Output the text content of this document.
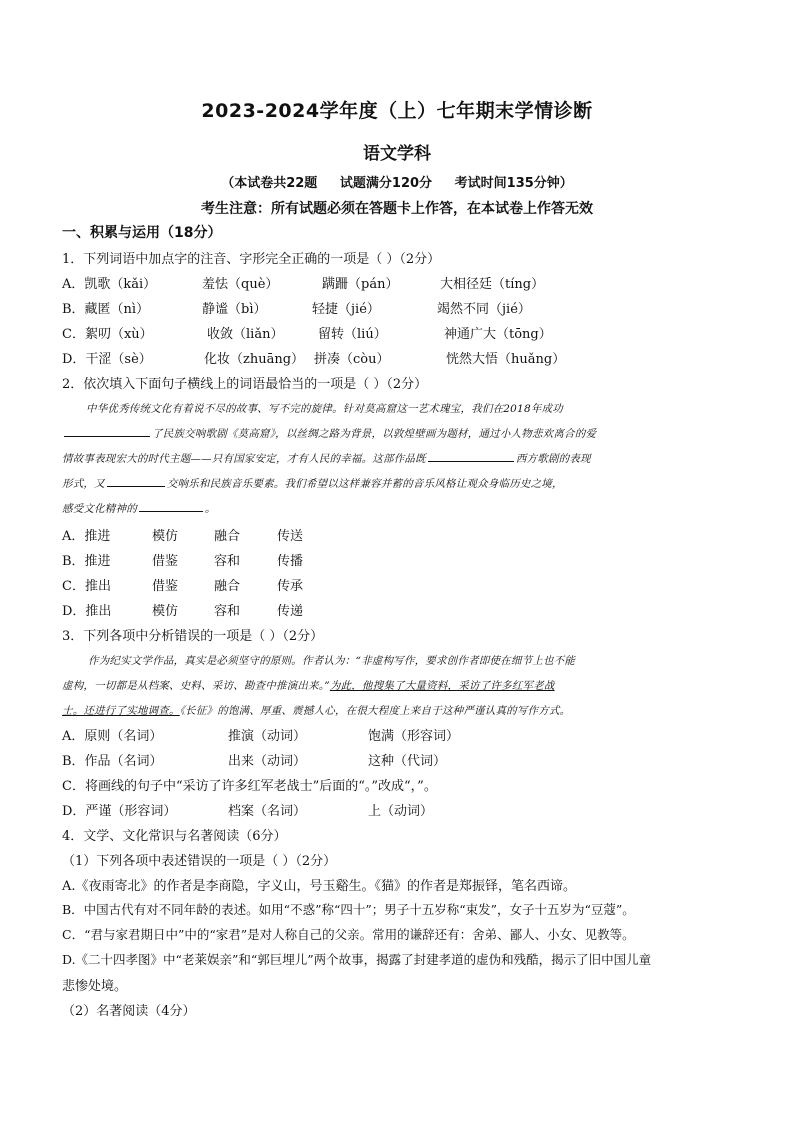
2023-2024学年度（上）七年期末学情诊断
语文学科
（本试卷共22题     试题满分120分     考试时间135分钟）
考生注意：所有试题必须在答题卡上作答，在本试卷上作答无效
一、积累与运用（18分）
1．下列词语中加点字的注音、字形完全正确的一项是（ ）（2分）
A．凯歌（kǎi）	羞怯（què）	蹒跚（pán）	大相径廷（tíng）
B．藏匿（nì）	静谧（bì）	轻捷（jié）	竭然不同（jié）
C．絮叨（xù）	收敛（liǎn）	留转（liú）	神通广大（tōng）
D．干涩（sè）	化妆（zhuāng） 拼凑（còu）	恍然大悟（huǎng）
2．依次填入下面句子横线上的词语最恰当的一项是（ ）（2分）
中华优秀传统文化有着说不尽的故事、写不完的旋律。针对莫高窟这一艺术瑰宝，我们在2018年成功
了民族交响歌剧《莫高窟》，以丝绸之路为背景，以敦煌壁画为题材，通过小人物悲欢离合的爱
情故事表现宏大的时代主题——只有国家安定，才有人民的幸福。这部作品既	西方歌剧的表现
形式，又	交响乐和民族音乐要素。我们希望以这样兼容并蓄的音乐风格让观众身临历史之境，
感受文化精神的	。
A．推进	模仿	融合	传送
B．推进	借鉴	容和	传播
C．推出	借鉴	融合	传承
D．推出	模仿	容和	传递
3．下列各项中分析错误的一项是（ ）（2分）
作为纪实文学作品，真实是必须坚守的原则。作者认为：“非虚构写作，要求创作者即使在细节上也不能
虚构，一切都是从档案、史料、采访、勘查中推演出来。”为此，他搜集了大量资料，采访了许多红军老战
士。还进行了实地调查。《长征》的饱满、厚重、震撼人心，在很大程度上来自于这种严谨认真的写作方式。
A．原则（名词）	推演（动词）	饱满（形容词）
B．作品（名词）	出来（动词）	这种（代词）
C．将画线的句子中“采访了许多红军老战士”后面的“。”改成“，”。
D．严谨（形容词）	档案（名词）	上（动词）
4．文学、文化常识与名著阅读（6分）
（1）下列各项中表述错误的一项是（ ）（2分）
A.《夜雨寄北》的作者是李商隐，字义山，号玉谿生。《猫》的作者是郑振铎，笔名西谛。
B．中国古代有对不同年龄的表述。如用“不惑”称“四十”；男子十五岁称“束发”，女子十五岁为“豆蔻”。
C．“君与家君期日中”中的“家君”是对人称自己的父亲。常用的谦辞还有：舍弟、鄙人、小女、见教等。
D.《二十四孝图》中“老莱娱亲”和“郭巨埋儿”两个故事，揭露了封建孝道的虚伪和残酷，揭示了旧中国儿童
悲惨处境。
（2）名著阅读（4分）
